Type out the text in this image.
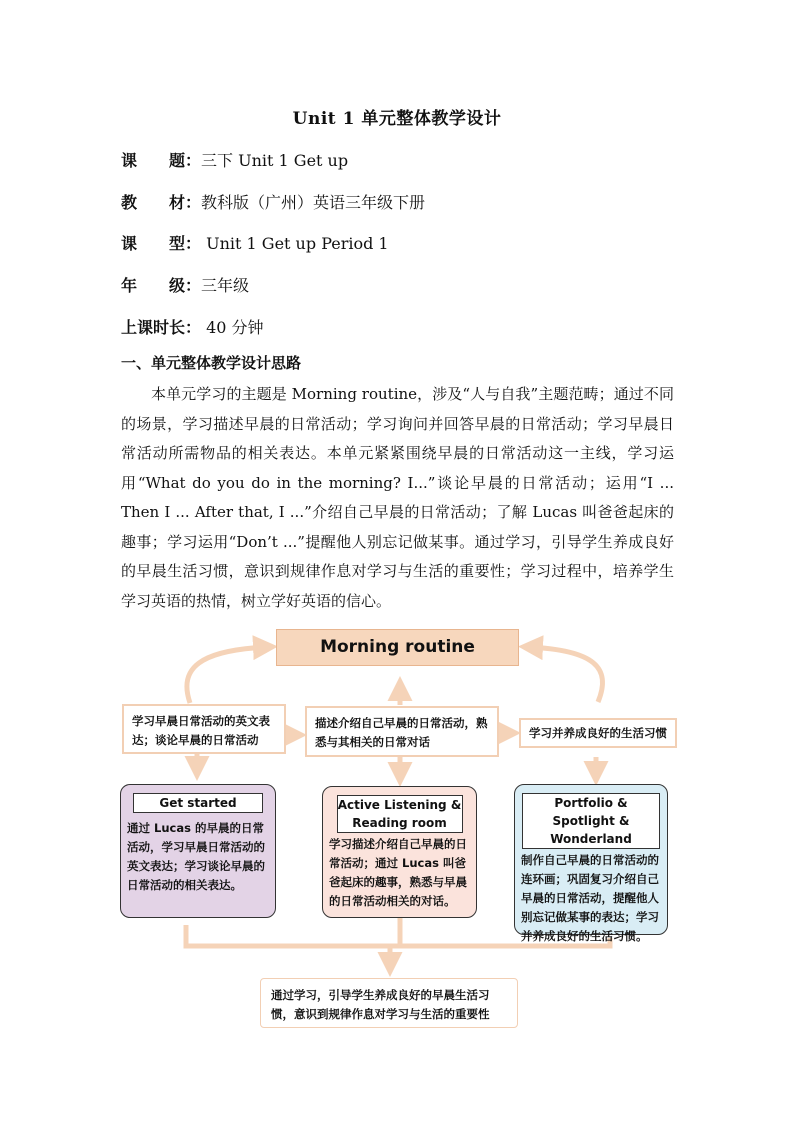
Unit 1 单元整体教学设计
课　　题：三下 Unit 1 Get up
教　　材：教科版（广州）英语三年级下册
课　　型： Unit 1 Get up Period 1
年　　级：三年级
上课时长： 40 分钟
一、单元整体教学设计思路
本单元学习的主题是 Morning routine，涉及“人与自我”主题范畴；通过不同的场景，学习描述早晨的日常活动；学习询问并回答早晨的日常活动；学习早晨日常活动所需物品的相关表达。本单元紧紧围绕早晨的日常活动这一主线，学习运用“What do you do in the morning? I...”谈论早晨的日常活动；运用“I ... Then I ... After that, I ...”介绍自己早晨的日常活动；了解 Lucas 叫爸爸起床的趣事；学习运用“Don’t ...”提醒他人别忘记做某事。通过学习，引导学生养成良好的早晨生活习惯，意识到规律作息对学习与生活的重要性；学习过程中，培养学生学习英语的热情，树立学好英语的信心。
Morning routine
学习早晨日常活动的英文表达；谈论早晨的日常活动
描述介绍自己早晨的日常活动，熟悉与其相关的日常对话
学习并养成良好的生活习惯
Get started
通过 Lucas 的早晨的日常活动，学习早晨日常活动的英文表达；学习谈论早晨的日常活动的相关表达。
Active Listening & Reading room
学习描述介绍自己早晨的日常活动；通过 Lucas 叫爸爸起床的趣事，熟悉与早晨的日常活动相关的对话。
Portfolio & Spotlight & Wonderland
制作自己早晨的日常活动的连环画；巩固复习介绍自己早晨的日常活动，提醒他人别忘记做某事的表达；学习并养成良好的生活习惯。
通过学习，引导学生养成良好的早晨生活习惯，意识到规律作息对学习与生活的重要性
